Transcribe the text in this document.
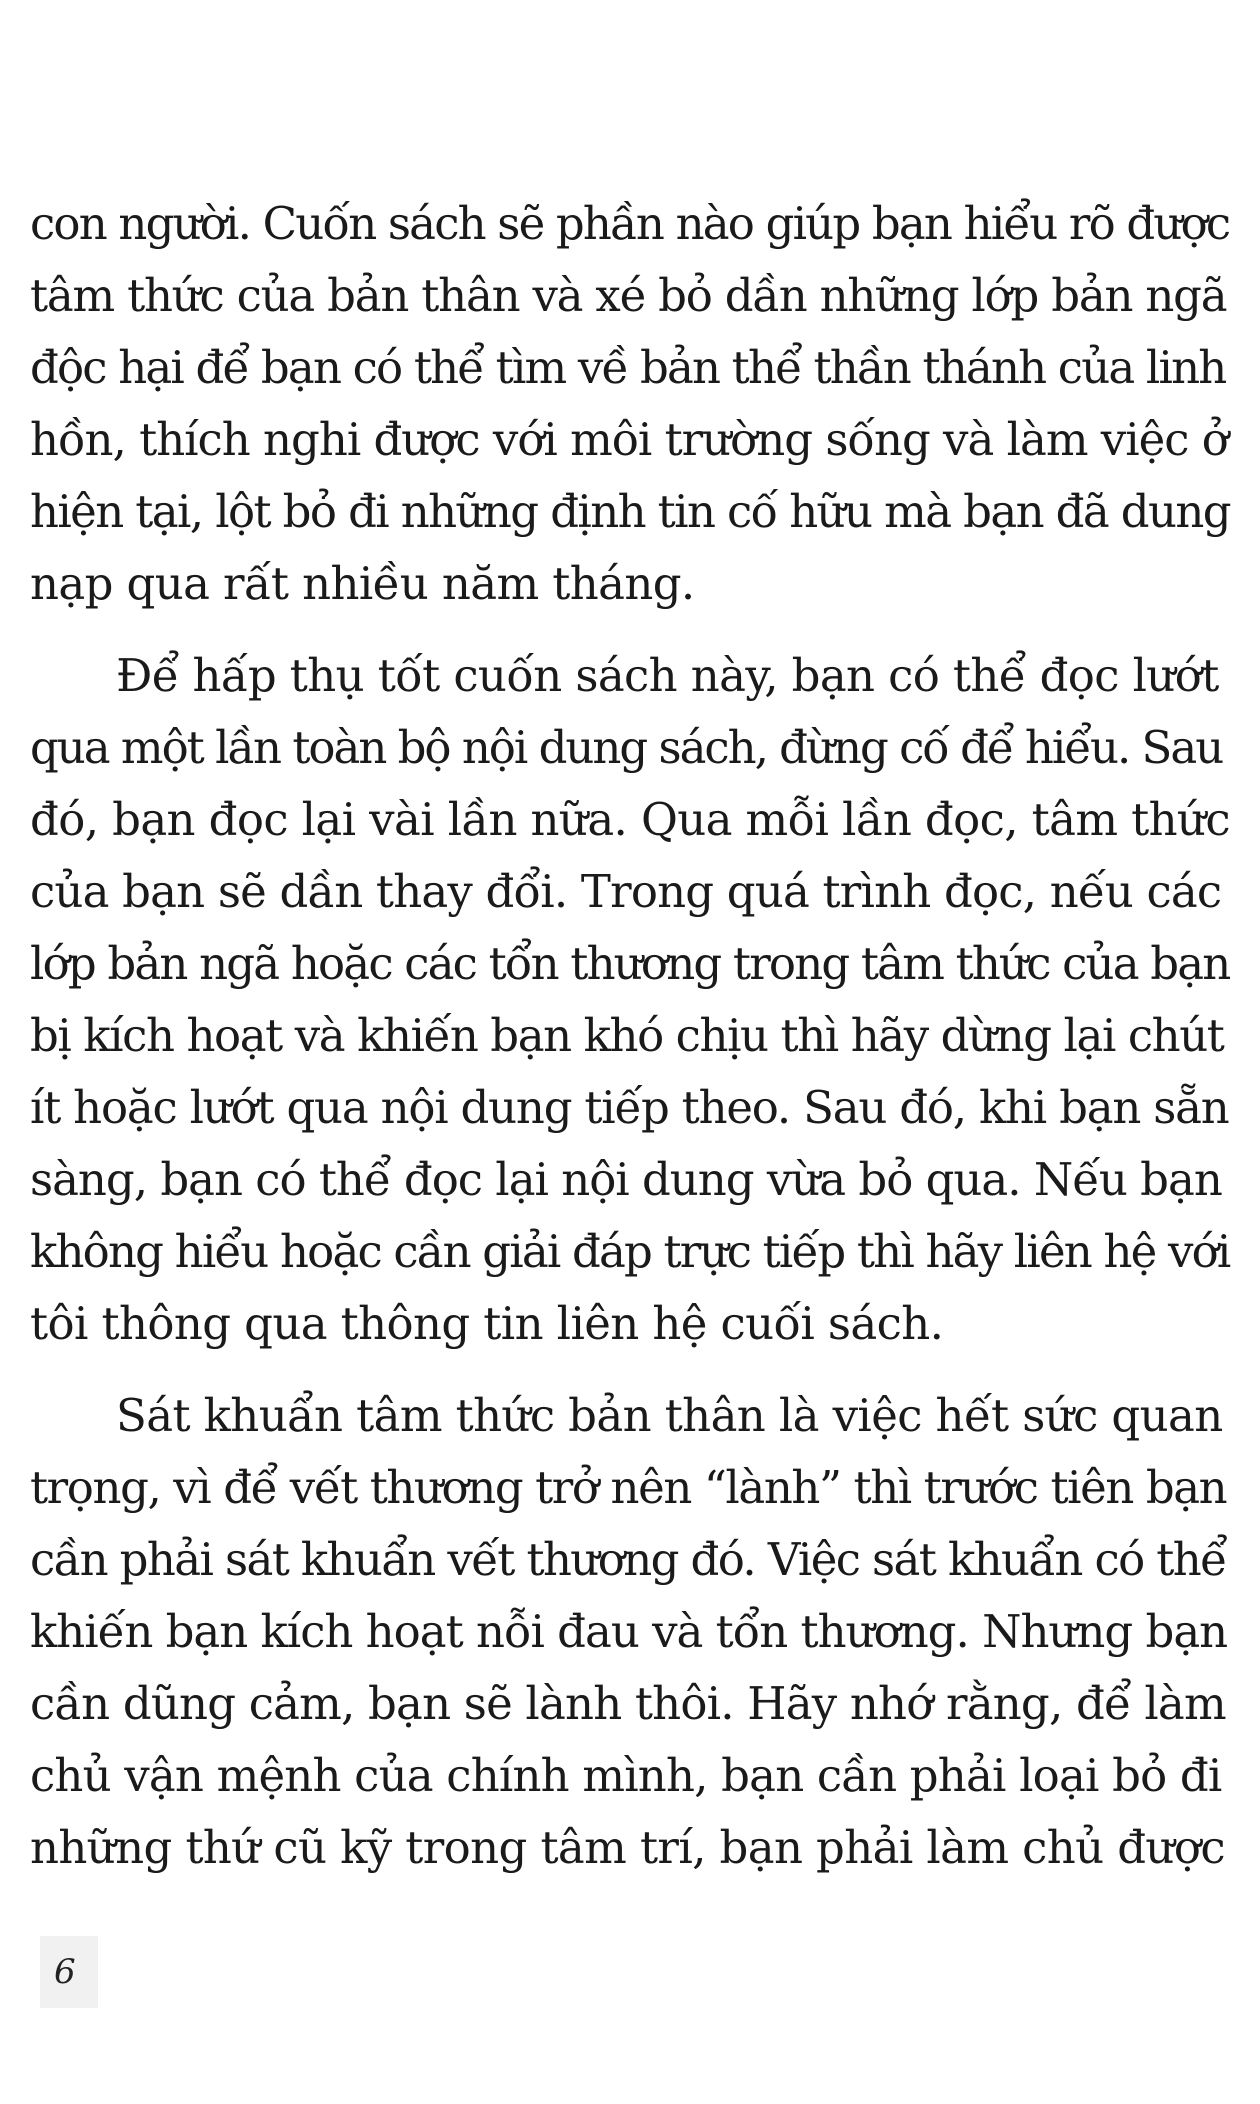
con người. Cuốn sách sẽ phần nào giúp bạn hiểu rõ được
tâm thức của bản thân và xé bỏ dần những lớp bản ngã
độc hại để bạn có thể tìm về bản thể thần thánh của linh
hồn, thích nghi được với môi trường sống và làm việc ở
hiện tại, lột bỏ đi những định tin cố hữu mà bạn đã dung
nạp qua rất nhiều năm tháng.
Để hấp thụ tốt cuốn sách này, bạn có thể đọc lướt
qua một lần toàn bộ nội dung sách, đừng cố để hiểu. Sau
đó, bạn đọc lại vài lần nữa. Qua mỗi lần đọc, tâm thức
của bạn sẽ dần thay đổi. Trong quá trình đọc, nếu các
lớp bản ngã hoặc các tổn thương trong tâm thức của bạn
bị kích hoạt và khiến bạn khó chịu thì hãy dừng lại chút
ít hoặc lướt qua nội dung tiếp theo. Sau đó, khi bạn sẵn
sàng, bạn có thể đọc lại nội dung vừa bỏ qua. Nếu bạn
không hiểu hoặc cần giải đáp trực tiếp thì hãy liên hệ với
tôi thông qua thông tin liên hệ cuối sách.
Sát khuẩn tâm thức bản thân là việc hết sức quan
trọng, vì để vết thương trở nên “lành” thì trước tiên bạn
cần phải sát khuẩn vết thương đó. Việc sát khuẩn có thể
khiến bạn kích hoạt nỗi đau và tổn thương. Nhưng bạn
cần dũng cảm, bạn sẽ lành thôi. Hãy nhớ rằng, để làm
chủ vận mệnh của chính mình, bạn cần phải loại bỏ đi
những thứ cũ kỹ trong tâm trí, bạn phải làm chủ được
6
